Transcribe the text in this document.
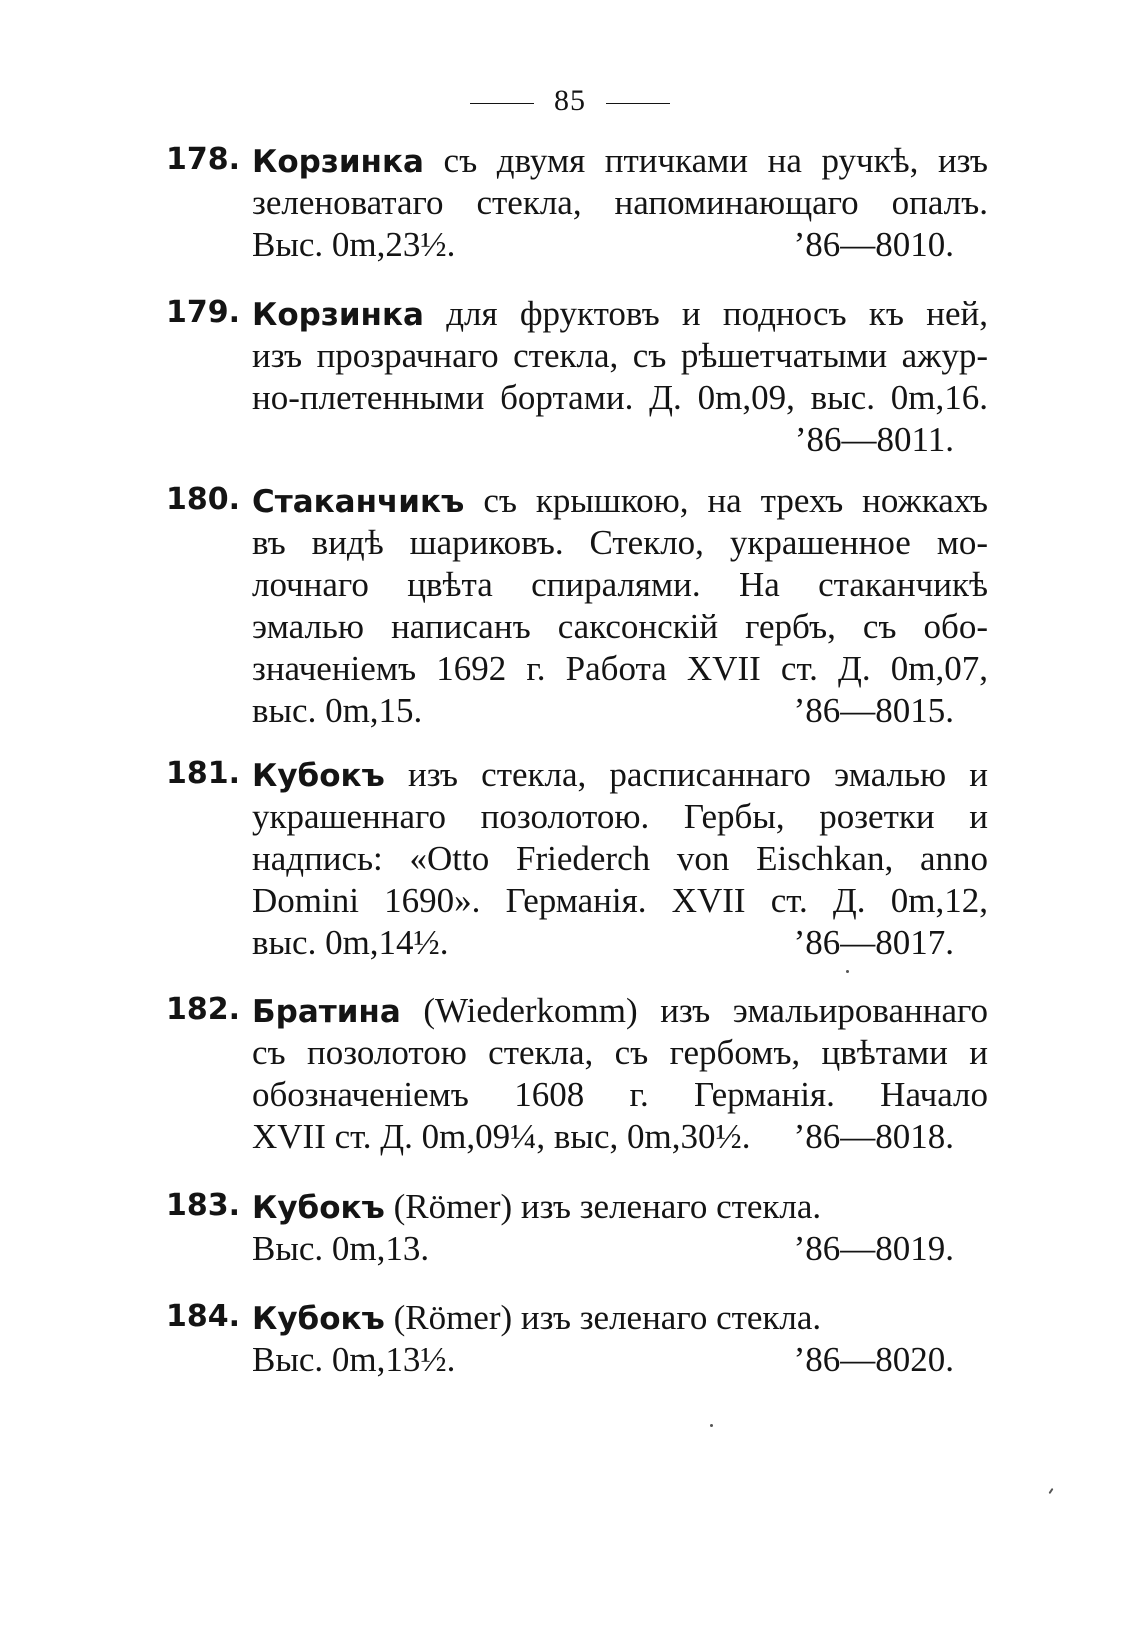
85
178. Корзинка съ двумя птичками на ручкѣ, изъ
зеленоватаго стекла, напоминающаго опалъ.
Выс. 0m,23½.	’86—8010.
179. Корзинка для фруктовъ и подносъ къ ней,
изъ прозрачнаго стекла, съ рѣшетчатыми ажур-
но-плетенными бортами. Д. 0m,09, выс. 0m,16.
’86—8011.
180. Стаканчикъ съ крышкою, на трехъ ножкахъ
въ видѣ шариковъ. Стекло, украшенное мо-
лочнаго цвѣта спиралями. На стаканчикѣ
эмалью написанъ саксонскій гербъ, съ обо-
значеніемъ 1692 г. Работа XVII ст. Д. 0m,07,
выс. 0m,15.	’86—8015.
181. Кубокъ изъ стекла, расписаннаго эмалью и
украшеннаго позолотою. Гербы, розетки и
надпись: «Otto Friederch von Eischkan, anno
Domini 1690». Германія. XVII ст. Д. 0m,12,
выс. 0m,14½.	’86—8017.
182. Братина (Wiederkomm) изъ эмальированнаго
съ позолотою стекла, съ гербомъ, цвѣтами и
обозначеніемъ 1608 г. Германія. Начало
XVII ст. Д. 0m,09¼, выс, 0m,30½. ’86—8018.
183. Кубокъ (Römer) изъ зеленаго стекла.
Выс. 0m,13.	’86—8019.
184. Кубокъ (Römer) изъ зеленаго стекла.
Выс. 0m,13½.	’86—8020.
